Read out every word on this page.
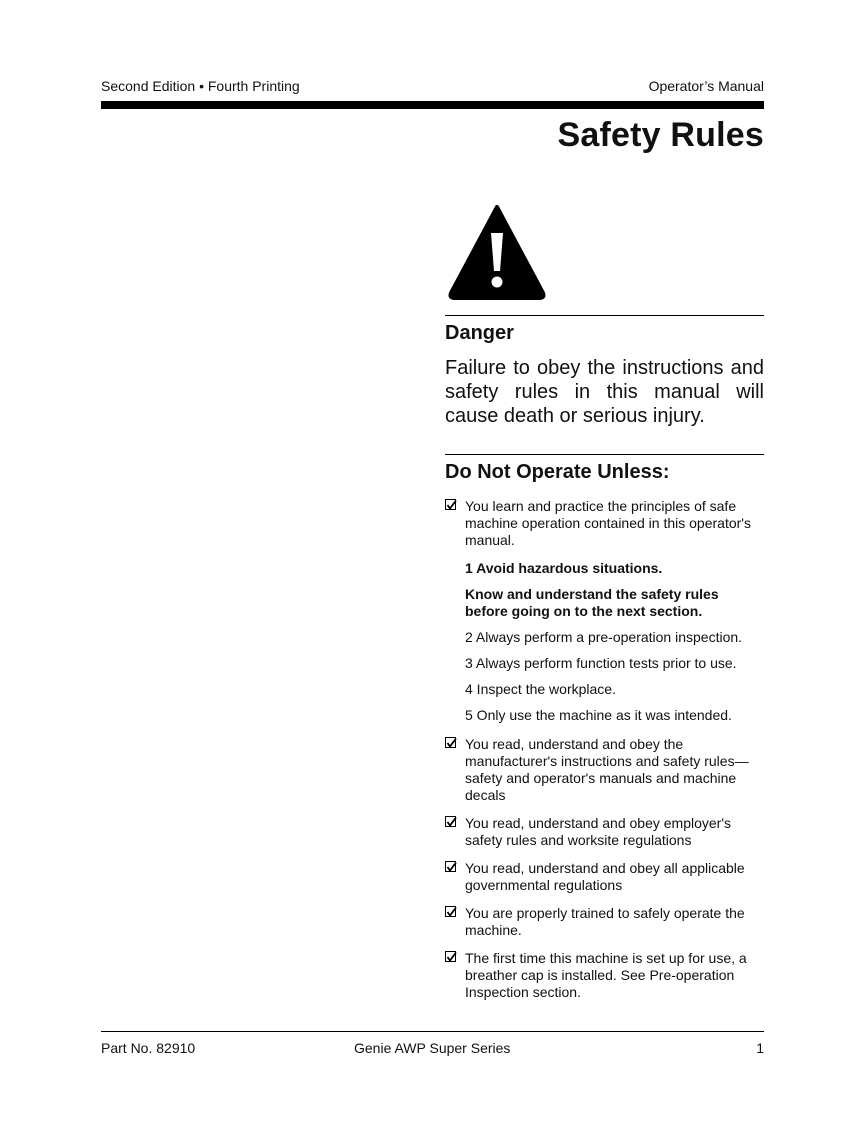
Second Edition • Fourth Printing	Operator’s Manual
Safety Rules
Danger
Failure to obey the instructions and safety rules in this manual will cause death or serious injury.
Do Not Operate Unless:
You learn and practice the principles of safe machine operation contained in this operator's manual.
1 Avoid hazardous situations.
Know and understand the safety rules before going on to the next section.
2 Always perform a pre-operation inspection.
3 Always perform function tests prior to use.
4 Inspect the workplace.
5 Only use the machine as it was intended.
You read, understand and obey the manufacturer's instructions and safety rules—safety and operator's manuals and machine decals
You read, understand and obey employer's safety rules and worksite regulations
You read, understand and obey all applicable governmental regulations
You are properly trained to safely operate the machine.
The first time this machine is set up for use, a breather cap is installed. See Pre-operation Inspection section.
Part No. 82910	Genie AWP Super Series	1
